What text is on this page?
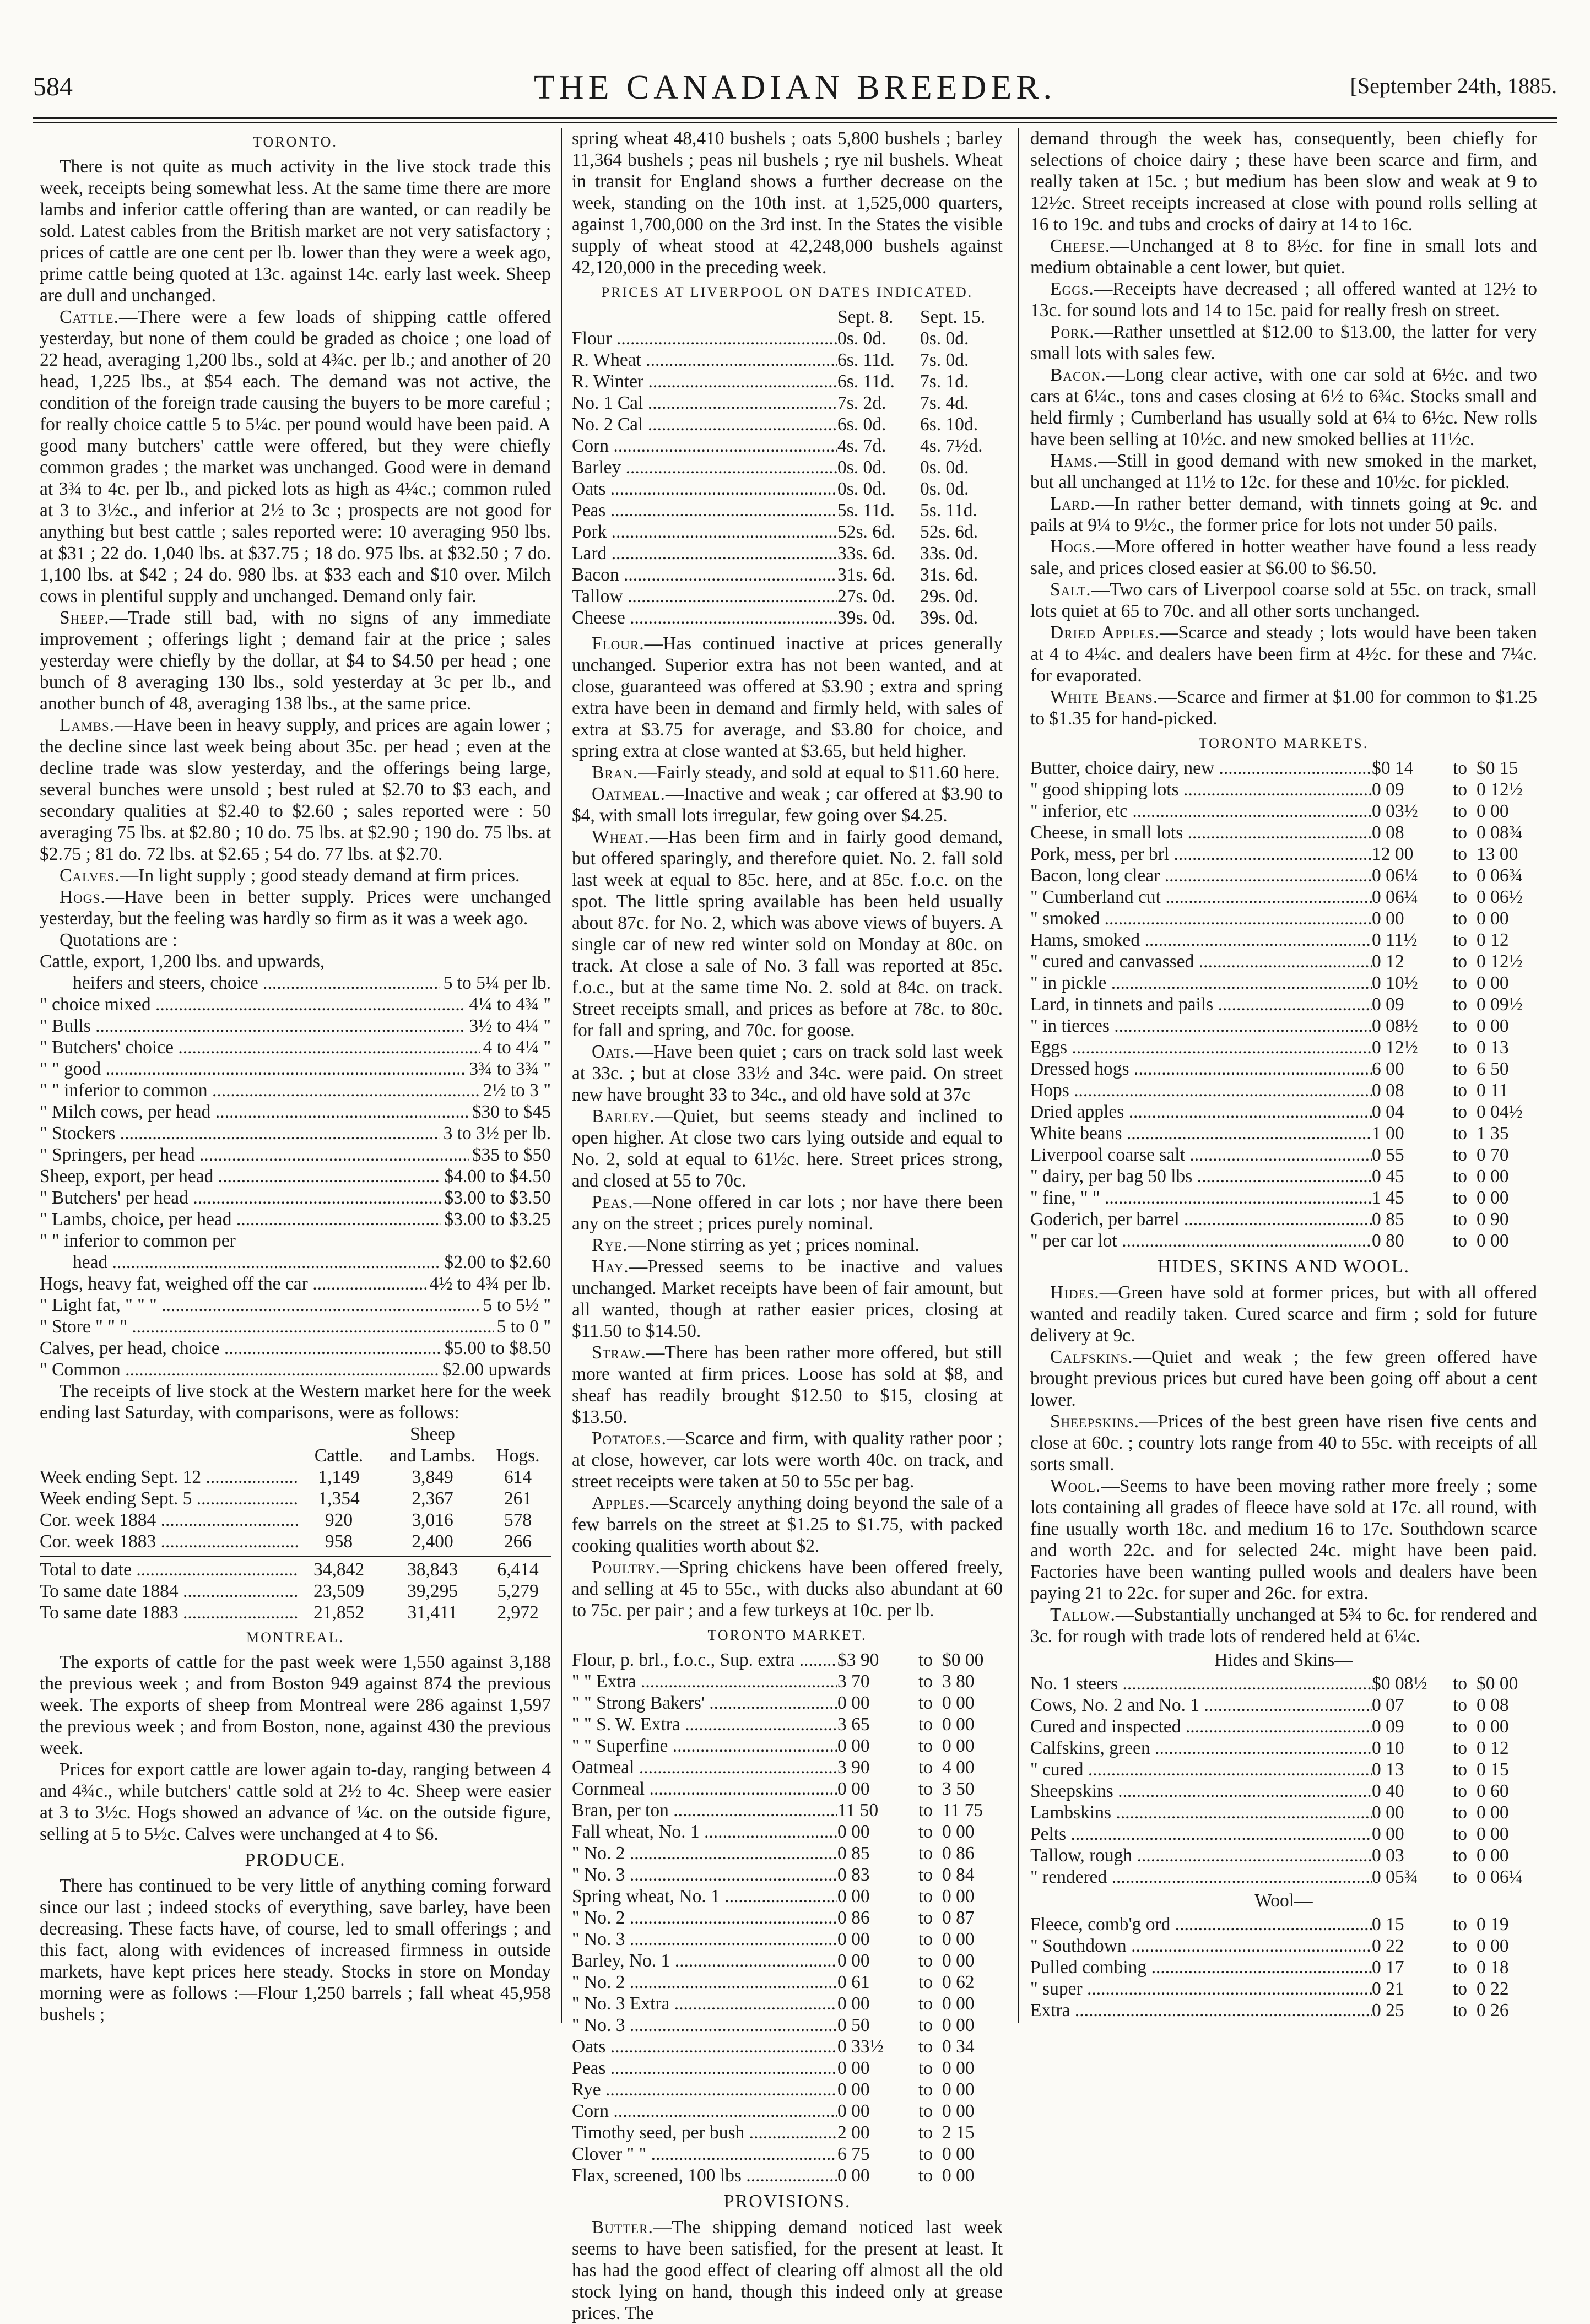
584	THE CANADIAN BREEDER.	[September 24th, 1885.
TORONTO.

There is not quite as much activity in the live stock trade this week, receipts being somewhat less. At the same time there are more lambs and inferior cattle offering than are wanted, or can readily be sold. Latest cables from the British market are not very satisfactory ; prices of cattle are one cent per lb. lower than they were a week ago, prime cattle being quoted at 13c. against 14c. early last week. Sheep are dull and unchanged.

Cattle.—There were a few loads of shipping cattle offered yesterday, but none of them could be graded as choice ; one load of 22 head, averaging 1,200 lbs., sold at 4¾c. per lb.; and another of 20 head, 1,225 lbs., at $54 each. The demand was not active, the condition of the foreign trade causing the buyers to be more careful ; for really choice cattle 5 to 5¼c. per pound would have been paid. A good many butchers' cattle were offered, but they were chiefly common grades ; the market was unchanged. Good were in demand at 3¾ to 4c. per lb., and picked lots as high as 4¼c.; common ruled at 3 to 3½c., and inferior at 2½ to 3c ; prospects are not good for anything but best cattle ; sales reported were: 10 averaging 950 lbs. at $31 ; 22 do. 1,040 lbs. at $37.75 ; 18 do. 975 lbs. at $32.50 ; 7 do. 1,100 lbs. at $42 ; 24 do. 980 lbs. at $33 each and $10 over. Milch cows in plentiful supply and unchanged. Demand only fair.

Sheep.—Trade still bad, with no signs of any immediate improvement ; offerings light ; demand fair at the price ; sales yesterday were chiefly by the dollar, at $4 to $4.50 per head ; one bunch of 8 averaging 130 lbs., sold yesterday at 3c per lb., and another bunch of 48, averaging 138 lbs., at the same price.

Lambs.—Have been in heavy supply, and prices are again lower ; the decline since last week being about 35c. per head ; even at the decline trade was slow yesterday, and the offerings being large, several bunches were unsold ; best ruled at $2.70 to $3 each, and secondary qualities at $2.40 to $2.60 ; sales reported were : 50 averaging 75 lbs. at $2.80 ; 10 do. 75 lbs. at $2.90 ; 190 do. 75 lbs. at $2.75 ; 81 do. 72 lbs. at $2.65 ; 54 do. 77 lbs. at $2.70.

Calves.—In light supply ; good steady demand at firm prices.

Hogs.—Have been in better supply. Prices were unchanged yesterday, but the feeling was hardly so firm as it was a week ago.

Quotations are :

Cattle, export, 1,200 lbs. and upwards,
heifers and steers, choice .....	5 to 5¼ per lb.
" choice mixed .....	4¼ to 4¾ "
" Bulls .....	3½ to 4¼ "
" Butchers' choice .....	4 to 4¼ "
" " good .....	3¾ to 3¾ "
" " inferior to common .....	2½ to 3 "
" Milch cows, per head .....	$30 to $45
" Stockers .....	3 to 3½ per lb.
" Springers, per head .....	$35 to $50
Sheep, export, per head .....	$4.00 to $4.50
" Butchers' per head .....	$3.00 to $3.50
" Lambs, choice, per head .....	$3.00 to $3.25
" " inferior to common per
head .....	$2.00 to $2.60
Hogs, heavy fat, weighed off the car .....	4½ to 4¾ per lb.
" Light fat, " " " .....	5 to 5½ "
" Store " " " .....	5 to 0 "
Calves, per head, choice .....	$5.00 to $8.50
" Common .....	$2.00 upwards

The receipts of live stock at the Western market here for the week ending last Saturday, with comparisons, were as follows:

Sheep
Cattle.	and Lambs.	Hogs.
Week ending Sept. 12 .....	1,149	3,849	614
Week ending Sept. 5 .....	1,354	2,367	261
Cor. week 1884 .....	920	3,016	578
Cor. week 1883 .....	958	2,400	266
Total to date .....	34,842	38,843	6,414
To same date 1884 .....	23,509	39,295	5,279
To same date 1883 .....	21,852	31,411	2,972
MONTREAL.

The exports of cattle for the past week were 1,550 against 3,188 the previous week ; and from Boston 949 against 874 the previous week. The exports of sheep from Montreal were 286 against 1,597 the previous week ; and from Boston, none, against 430 the previous week.

Prices for export cattle are lower again to-day, ranging between 4 and 4¾c., while butchers' cattle sold at 2½ to 4c. Sheep were easier at 3 to 3½c. Hogs showed an advance of ¼c. on the outside figure, selling at 5 to 5½c. Calves were unchanged at 4 to $6.

PRODUCE.

There has continued to be very little of anything coming forward since our last ; indeed stocks of everything, save barley, have been decreasing. These facts have, of course, led to small offerings ; and this fact, along with evidences of increased firmness in outside markets, have kept prices here steady. Stocks in store on Monday morning were as follows :—Flour 1,250 barrels ; fall wheat 45,958 bushels ;

spring wheat 48,410 bushels ; oats 5,800 bushels ; barley 11,364 bushels ; peas nil bushels ; rye nil bushels. Wheat in transit for England shows a further decrease on the week, standing on the 10th inst. at 1,525,000 quarters, against 1,700,000 on the 3rd inst. In the States the visible supply of wheat stood at 42,248,000 bushels against 42,120,000 in the preceding week.

PRICES AT LIVERPOOL ON DATES INDICATED.
Sept. 8.	Sept. 15.
Flour .....	0s. 0d.	0s. 0d.
R. Wheat .....	6s. 11d.	7s. 0d.
R. Winter .....	6s. 11d.	7s. 1d.
No. 1 Cal .....	7s. 2d.	7s. 4d.
No. 2 Cal .....	6s. 0d.	6s. 10d.
Corn .....	4s. 7d.	4s. 7½d.
Barley .....	0s. 0d.	0s. 0d.
Oats .....	0s. 0d.	0s. 0d.
Peas .....	5s. 11d.	5s. 11d.
Pork .....	52s. 6d.	52s. 6d.
Lard .....	33s. 6d.	33s. 0d.
Bacon .....	31s. 6d.	31s. 6d.
Tallow .....	27s. 0d.	29s. 0d.
Cheese .....	39s. 0d.	39s. 0d.

Flour.—Has continued inactive at prices generally unchanged. Superior extra has not been wanted, and at close, guaranteed was offered at $3.90 ; extra and spring extra have been in demand and firmly held, with sales of extra at $3.75 for average, and $3.80 for choice, and spring extra at close wanted at $3.65, but held higher.

Bran.—Fairly steady, and sold at equal to $11.60 here.

Oatmeal.—Inactive and weak ; car offered at $3.90 to $4, with small lots irregular, few going over $4.25.

Wheat.—Has been firm and in fairly good demand, but offered sparingly, and therefore quiet. No. 2. fall sold last week at equal to 85c. here, and at 85c. f.o.c. on the spot. The little spring available has been held usually about 87c. for No. 2, which was above views of buyers. A single car of new red winter sold on Monday at 80c. on track. At close a sale of No. 3 fall was reported at 85c. f.o.c., but at the same time No. 2. sold at 84c. on track. Street receipts small, and prices as before at 78c. to 80c. for fall and spring, and 70c. for goose.

Oats.—Have been quiet ; cars on track sold last week at 33c. ; but at close 33½ and 34c. were paid. On street new have brought 33 to 34c., and old have sold at 37c

Barley.—Quiet, but seems steady and inclined to open higher. At close two cars lying outside and equal to No. 2, sold at equal to 61½c. here. Street prices strong, and closed at 55 to 70c.

Peas.—None offered in car lots ; nor have there been any on the street ; prices purely nominal.

Rye.—None stirring as yet ; prices nominal.

Hay.—Pressed seems to be inactive and values unchanged. Market receipts have been of fair amount, but all wanted, though at rather easier prices, closing at $11.50 to $14.50.

Straw.—There has been rather more offered, but still more wanted at firm prices. Loose has sold at $8, and sheaf has readily brought $12.50 to $15, closing at $13.50.

Potatoes.—Scarce and firm, with quality rather poor ; at close, however, car lots were worth 40c. on track, and street receipts were taken at 50 to 55c per bag.

Apples.—Scarcely anything doing beyond the sale of a few barrels on the street at $1.25 to $1.75, with packed cooking qualities worth about $2.

Poultry.—Spring chickens have been offered freely, and selling at 45 to 55c., with ducks also abundant at 60 to 75c. per pair ; and a few turkeys at 10c. per lb.

TORONTO MARKET.
Flour, p. brl., f.o.c., Sup. extra .....	$3 90	to $0 00
" " Extra .....	3 70	to 3 80
" " Strong Bakers' .....	0 00	to 0 00
" " S. W. Extra .....	3 65	to 0 00
" " Superfine .....	0 00	to 0 00
Oatmeal .....	3 90	to 4 00
Cornmeal .....	0 00	to 3 50
Bran, per ton .....	11 50	to 11 75
Fall wheat, No. 1 .....	0 00	to 0 00
" No. 2 .....	0 85	to 0 86
" No. 3 .....	0 83	to 0 84
Spring wheat, No. 1 .....	0 00	to 0 00
" No. 2 .....	0 86	to 0 87
" No. 3 .....	0 00	to 0 00
Barley, No. 1 .....	0 00	to 0 00
" No. 2 .....	0 61	to 0 62
" No. 3 Extra .....	0 00	to 0 00
" No. 3 .....	0 50	to 0 00
Oats .....	0 33½	to 0 34
Peas .....	0 00	to 0 00
Rye .....	0 00	to 0 00
Corn .....	0 00	to 0 00
Timothy seed, per bush .....	2 00	to 2 15
Clover " " .....	6 75	to 0 00
Flax, screened, 100 lbs .....	0 00	to 0 00
PROVISIONS.

Butter.—The shipping demand noticed last week seems to have been satisfied, for the present at least. It has had the good effect of clearing off almost all the old stock lying on hand, though this indeed only at grease prices. The

demand through the week has, consequently, been chiefly for selections of choice dairy ; these have been scarce and firm, and really taken at 15c. ; but medium has been slow and weak at 9 to 12½c. Street receipts increased at close with pound rolls selling at 16 to 19c. and tubs and crocks of dairy at 14 to 16c.

Cheese.—Unchanged at 8 to 8½c. for fine in small lots and medium obtainable a cent lower, but quiet.

Eggs.—Receipts have decreased ; all offered wanted at 12½ to 13c. for sound lots and 14 to 15c. paid for really fresh on street.

Pork.—Rather unsettled at $12.00 to $13.00, the latter for very small lots with sales few.

Bacon.—Long clear active, with one car sold at 6½c. and two cars at 6¼c., tons and cases closing at 6½ to 6¾c. Stocks small and held firmly ; Cumberland has usually sold at 6¼ to 6½c. New rolls have been selling at 10½c. and new smoked bellies at 11½c.

Hams.—Still in good demand with new smoked in the market, but all unchanged at 11½ to 12c. for these and 10½c. for pickled.

Lard.—In rather better demand, with tinnets going at 9c. and pails at 9¼ to 9½c., the former price for lots not under 50 pails.

Hogs.—More offered in hotter weather have found a less ready sale, and prices closed easier at $6.00 to $6.50.

Salt.—Two cars of Liverpool coarse sold at 55c. on track, small lots quiet at 65 to 70c. and all other sorts unchanged.

Dried Apples.—Scarce and steady ; lots would have been taken at 4 to 4¼c. and dealers have been firm at 4½c. for these and 7¼c. for evaporated.

White Beans.—Scarce and firmer at $1.00 for common to $1.25 to $1.35 for hand-picked.

TORONTO MARKETS.
Butter, choice dairy, new .....	$0 14	to $0 15
" good shipping lots .....	0 09	to 0 12½
" inferior, etc .....	0 03½	to 0 00
Cheese, in small lots .....	0 08	to 0 08¾
Pork, mess, per brl .....	12 00	to 13 00
Bacon, long clear .....	0 06¼	to 0 06¾
" Cumberland cut .....	0 06¼	to 0 06½
" smoked .....	0 00	to 0 00
Hams, smoked .....	0 11½	to 0 12
" cured and canvassed .....	0 12	to 0 12½
" in pickle .....	0 10½	to 0 00
Lard, in tinnets and pails .....	0 09	to 0 09½
" in tierces .....	0 08½	to 0 00
Eggs .....	0 12½	to 0 13
Dressed hogs .....	6 00	to 6 50
Hops .....	0 08	to 0 11
Dried apples .....	0 04	to 0 04½
White beans .....	1 00	to 1 35
Liverpool coarse salt .....	0 55	to 0 70
" dairy, per bag 50 lbs .....	0 45	to 0 00
" fine, " " .....	1 45	to 0 00
Goderich, per barrel .....	0 85	to 0 90
" per car lot .....	0 80	to 0 00
HIDES, SKINS AND WOOL.

Hides.—Green have sold at former prices, but with all offered wanted and readily taken. Cured scarce and firm ; sold for future delivery at 9c.

Calfskins.—Quiet and weak ; the few green offered have brought previous prices but cured have been going off about a cent lower.

Sheepskins.—Prices of the best green have risen five cents and close at 60c. ; country lots range from 40 to 55c. with receipts of all sorts small.

Wool.—Seems to have been moving rather more freely ; some lots containing all grades of fleece have sold at 17c. all round, with fine usually worth 18c. and medium 16 to 17c. Southdown scarce and worth 22c. and for selected 24c. might have been paid. Factories have been wanting pulled wools and dealers have been paying 21 to 22c. for super and 26c. for extra.

Tallow.—Substantially unchanged at 5¾ to 6c. for rendered and 3c. for rough with trade lots of rendered held at 6¼c.

Hides and Skins—
No. 1 steers .....	$0 08½	to $0 00
Cows, No. 2 and No. 1 .....	0 07	to 0 08
Cured and inspected .....	0 09	to 0 00
Calfskins, green .....	0 10	to 0 12
" cured .....	0 13	to 0 15
Sheepskins .....	0 40	to 0 60
Lambskins .....	0 00	to 0 00
Pelts .....	0 00	to 0 00
Tallow, rough .....	0 03	to 0 00
" rendered .....	0 05¾	to 0 06¼
Wool—
Fleece, comb'g ord .....	0 15	to 0 19
" Southdown .....	0 22	to 0 00
Pulled combing .....	0 17	to 0 18
" super .....	0 21	to 0 22
Extra .....	0 25	to 0 26
